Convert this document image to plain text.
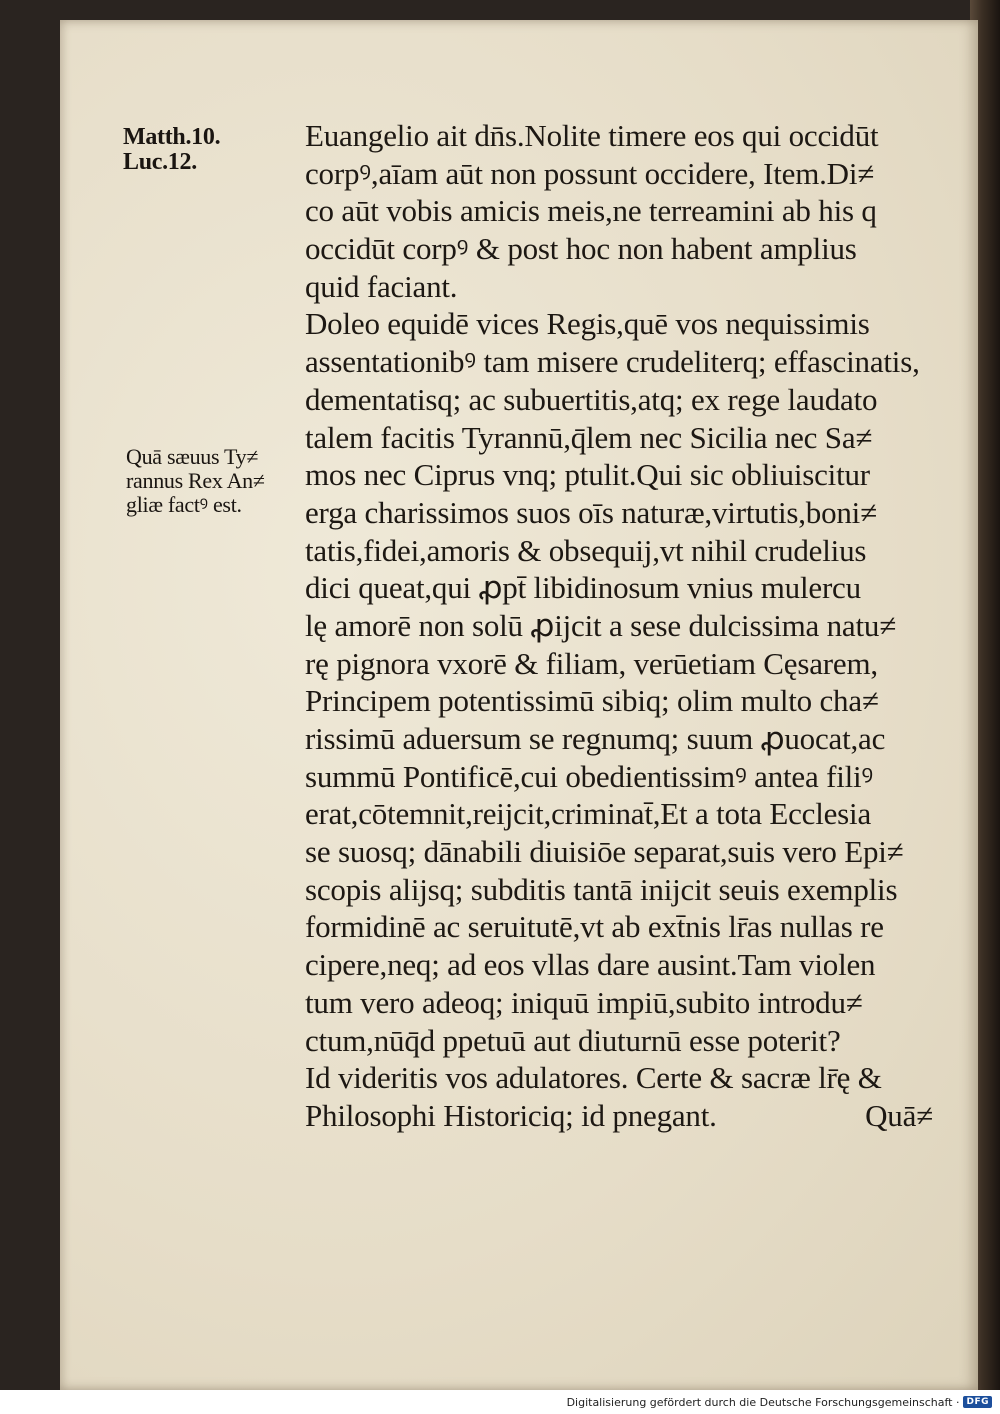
Matth.10.
Luc.12.

Quā sæuus Ty≠
rannus Rex An≠
gliæ factꝰ est.

Euangelio ait dn̄s.Nolite timere eos qui occidūt
corpꝰ,aīam aūt non possunt occidere, Item.Di≠
co aūt vobis amicis meis,ne terreamini ab his q
occidūt corpꝰ & post hoc non habent amplius
quid faciant.
Doleo equidē vices Regis,quē vos nequissimis
assentationibꝰ tam misere crudeliterq; effascinatis,
dementatisq; ac subuertitis,atq; ex rege laudato
talem facitis Tyrannū,q̄lem nec Sicilia nec Sa≠
mos nec Ciprus vnq; ptulit.Qui sic obliuiscitur
erga charissimos suos oīs naturæ,virtutis,boni≠
tatis,fidei,amoris & obsequij,vt nihil crudelius
dici queat,qui ꝓpt̄ libidinosum vnius mulercu
lę amorē non solū ꝓijcit a sese dulcissima natu≠
rę pignora vxorē & filiam, verūetiam Cęsarem,
Principem potentissimū sibiq; olim multo cha≠
rissimū aduersum se regnumq; suum ꝓuocat,ac
summū Pontificē,cui obedientissimꝰ antea filiꝰ
erat,cōtemnit,reijcit,criminat̄,Et a tota Ecclesia
se suosq; dānabili diuisiōe separat,suis vero Epi≠
scopis alijsq; subditis tantā inijcit seuis exemplis
formidinē ac seruitutē,vt ab ext̄nis lr̄as nullas re
cipere,neq; ad eos vllas dare ausint.Tam violen
tum vero adeoq; iniquū impiū,subito introdu≠
ctum,nūq̄d ppetuū aut diuturnū esse poterit?
Id videritis vos adulatores. Certe & sacræ lr̄ę &
Philosophi Historiciq; id pnegant.	Quā≠
Digitalisierung gefördert durch die Deutsche Forschungsgemeinschaft · DFG
